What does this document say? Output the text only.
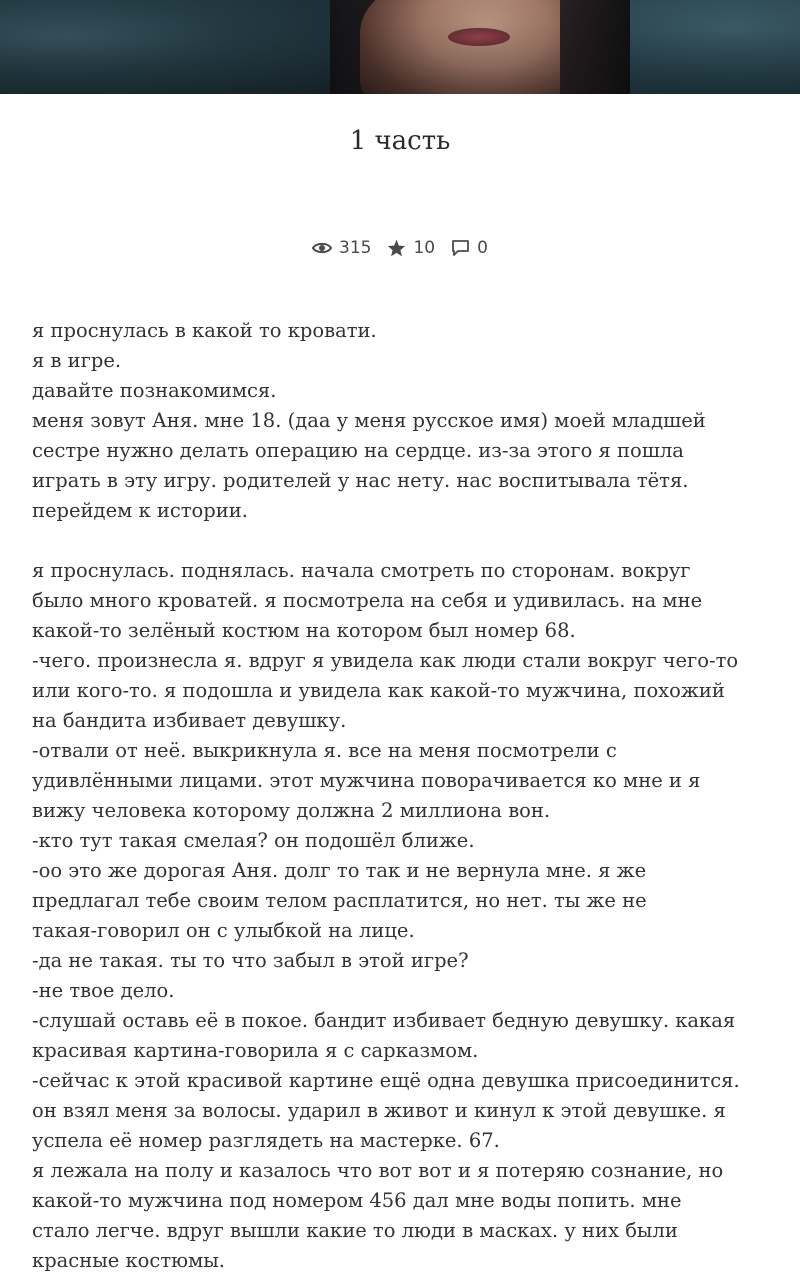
1 часть
315 10 0
я проснулась в какой то кровати.
я в игре.
давайте познакомимся.
меня зовут Аня. мне 18. (даа у меня русское имя) моей младшей
сестре нужно делать операцию на сердце. из-за этого я пошла
играть в эту игру. родителей у нас нету. нас воспитывала тётя.
перейдем к истории.

я проснулась. поднялась. начала смотреть по сторонам. вокруг
было много кроватей. я посмотрела на себя и удивилась. на мне
какой-то зелёный костюм на котором был номер 68.
-чего. произнесла я. вдруг я увидела как люди стали вокруг чего-то
или кого-то. я подошла и увидела как какой-то мужчина, похожий
на бандита избивает девушку.
-отвали от неё. выкрикнула я. все на меня посмотрели с
удивлёнными лицами. этот мужчина поворачивается ко мне и я
вижу человека которому должна 2 миллиона вон.
-кто тут такая смелая? он подошёл ближе.
-оо это же дорогая Аня. долг то так и не вернула мне. я же
предлагал тебе своим телом расплатится, но нет. ты же не
такая-говорил он с улыбкой на лице.
-да не такая. ты то что забыл в этой игре?
-не твое дело.
-слушай оставь её в покое. бандит избивает бедную девушку. какая
красивая картина-говорила я с сарказмом.
-сейчас к этой красивой картине ещё одна девушка присоединится.
он взял меня за волосы. ударил в живот и кинул к этой девушке. я
успела её номер разглядеть на мастерке. 67.
я лежала на полу и казалось что вот вот и я потеряю сознание, но
какой-то мужчина под номером 456 дал мне воды попить. мне
стало легче. вдруг вышли какие то люди в масках. у них были
красные костюмы.
